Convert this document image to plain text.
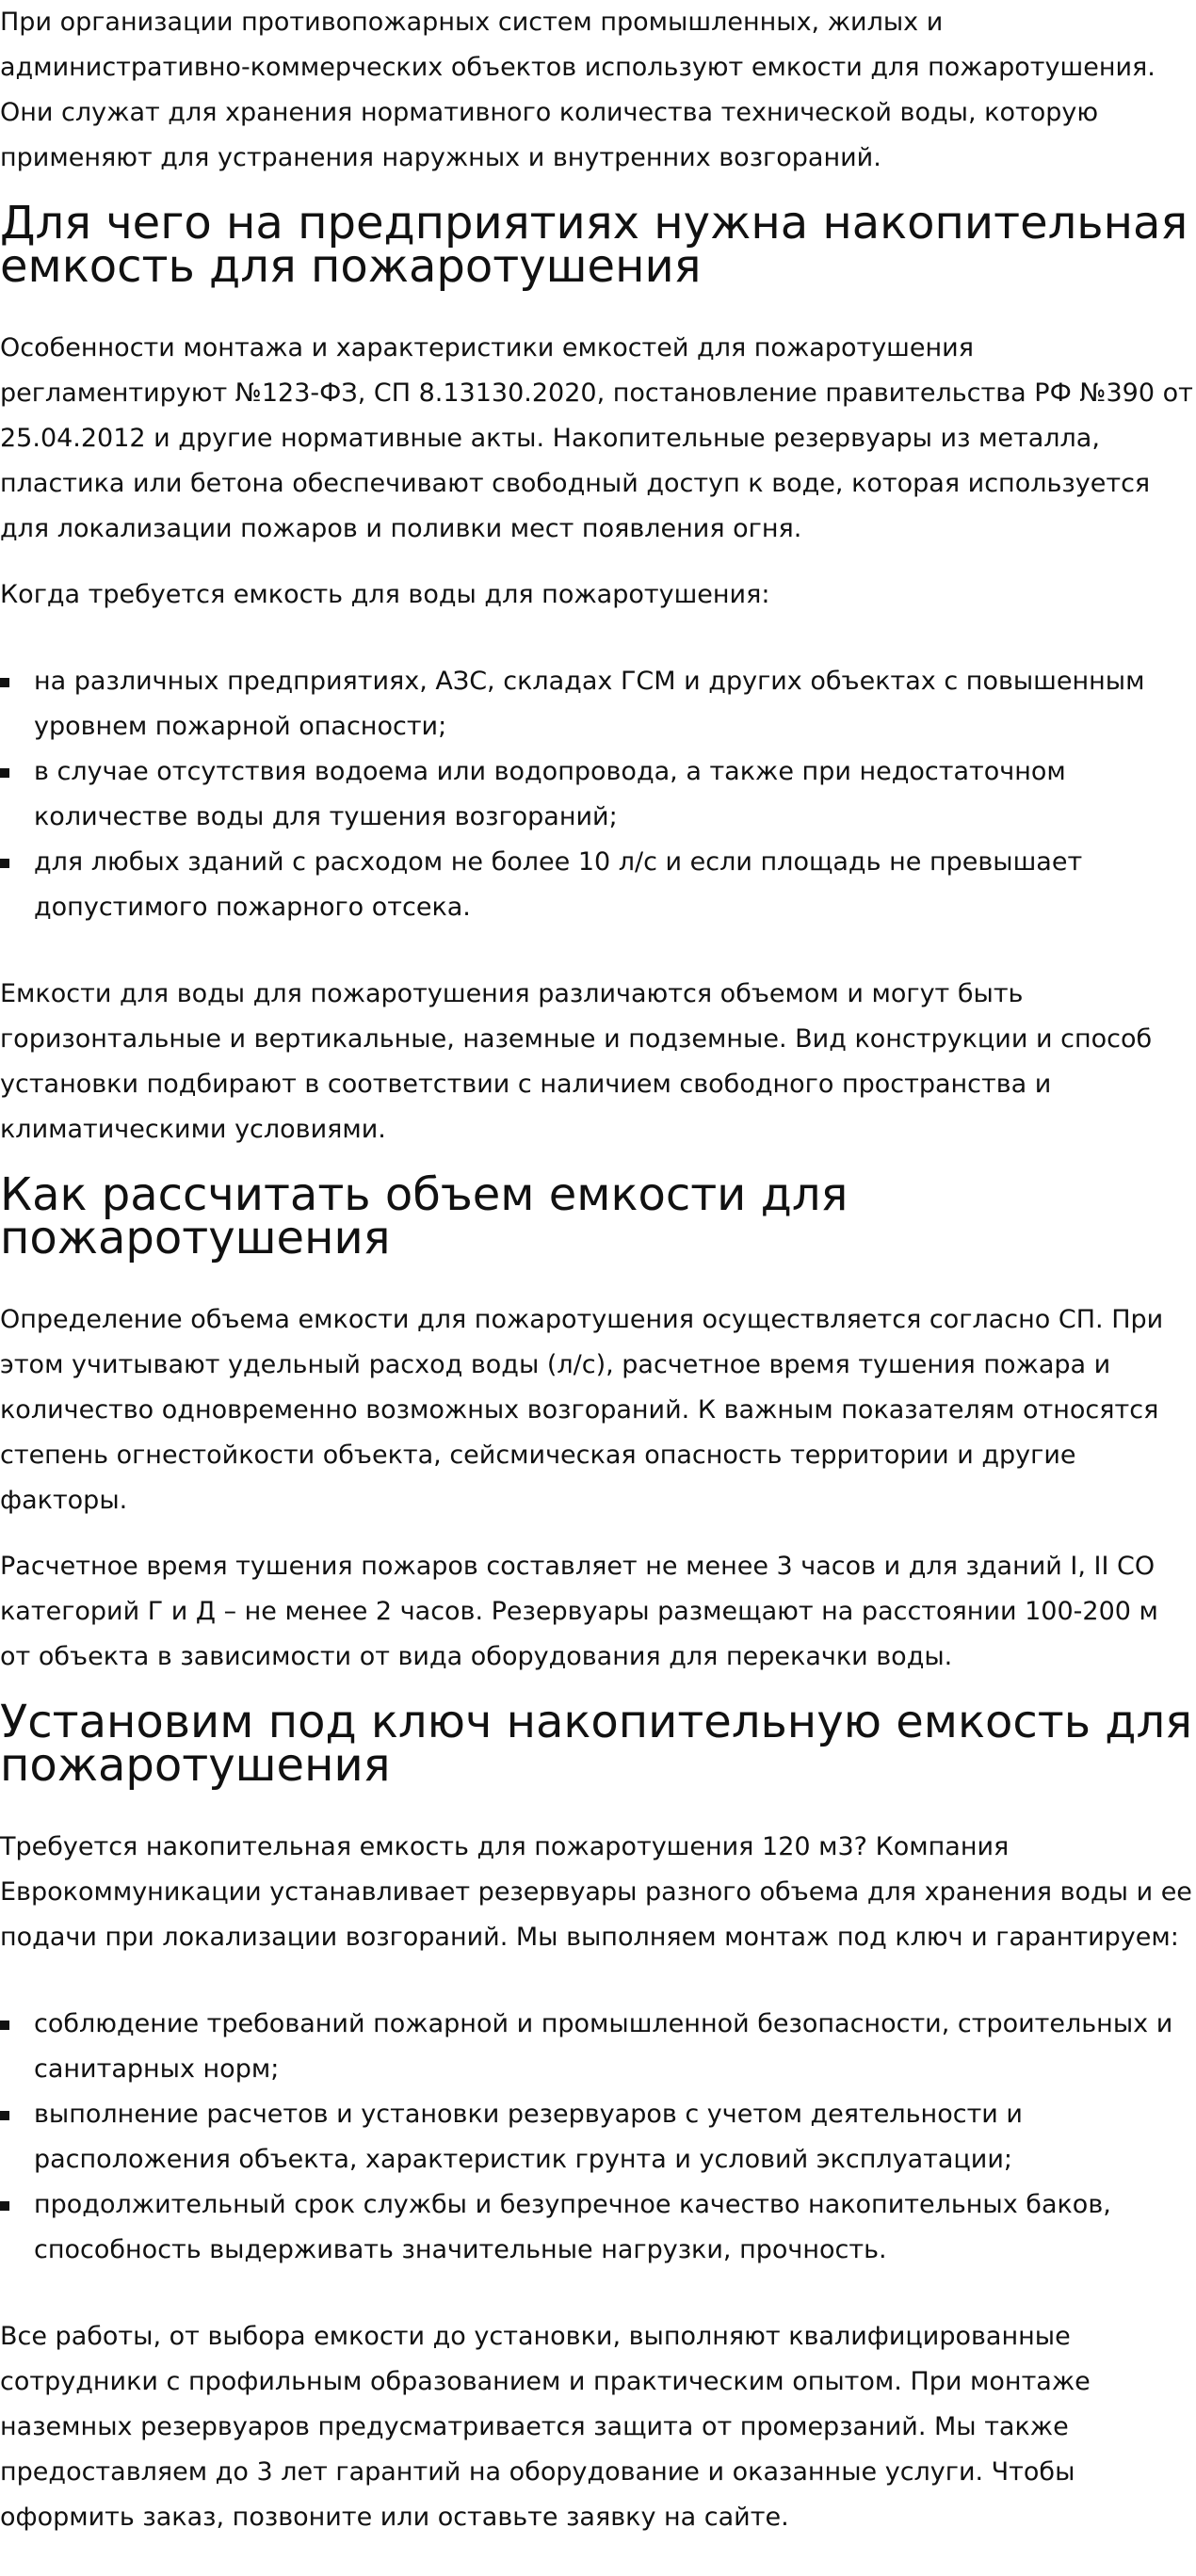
При организации противопожарных систем промышленных, жилых и административно-коммерческих объектов используют емкости для пожаротушения. Они служат для хранения нормативного количества технической воды, которую применяют для устранения наружных и внутренних возгораний.

Для чего на предприятиях нужна накопительная емкость для пожаротушения

Особенности монтажа и характеристики емкостей для пожаротушения регламентируют №123-ФЗ, СП 8.13130.2020, постановление правительства РФ №390 от 25.04.2012 и другие нормативные акты. Накопительные резервуары из металла, пластика или бетона обеспечивают свободный доступ к воде, которая используется для локализации пожаров и поливки мест появления огня.

Когда требуется емкость для воды для пожаротушения:

на различных предприятиях, АЗС, складах ГСМ и других объектах с повышенным уровнем пожарной опасности;
в случае отсутствия водоема или водопровода, а также при недостаточном количестве воды для тушения возгораний;
для любых зданий с расходом не более 10 л/с и если площадь не превышает допустимого пожарного отсека.

Емкости для воды для пожаротушения различаются объемом и могут быть горизонтальные и вертикальные, наземные и подземные. Вид конструкции и способ установки подбирают в соответствии с наличием свободного пространства и климатическими условиями.

Как рассчитать объем емкости для пожаротушения

Определение объема емкости для пожаротушения осуществляется согласно СП. При этом учитывают удельный расход воды (л/с), расчетное время тушения пожара и количество одновременно возможных возгораний. К важным показателям относятся степень огнестойкости объекта, сейсмическая опасность территории и другие факторы.

Расчетное время тушения пожаров составляет не менее 3 часов и для зданий I, II СО категорий Г и Д – не менее 2 часов. Резервуары размещают на расстоянии 100-200 м от объекта в зависимости от вида оборудования для перекачки воды.

Установим под ключ накопительную емкость для пожаротушения

Требуется накопительная емкость для пожаротушения 120 м3? Компания Еврокоммуникации устанавливает резервуары разного объема для хранения воды и ее подачи при локализации возгораний. Мы выполняем монтаж под ключ и гарантируем:

соблюдение требований пожарной и промышленной безопасности, строительных и санитарных норм;
выполнение расчетов и установки резервуаров с учетом деятельности и расположения объекта, характеристик грунта и условий эксплуатации;
продолжительный срок службы и безупречное качество накопительных баков, способность выдерживать значительные нагрузки, прочность.

Все работы, от выбора емкости до установки, выполняют квалифицированные сотрудники с профильным образованием и практическим опытом. При монтаже наземных резервуаров предусматривается защита от промерзаний. Мы также предоставляем до 3 лет гарантий на оборудование и оказанные услуги. Чтобы оформить заказ, позвоните или оставьте заявку на сайте.
